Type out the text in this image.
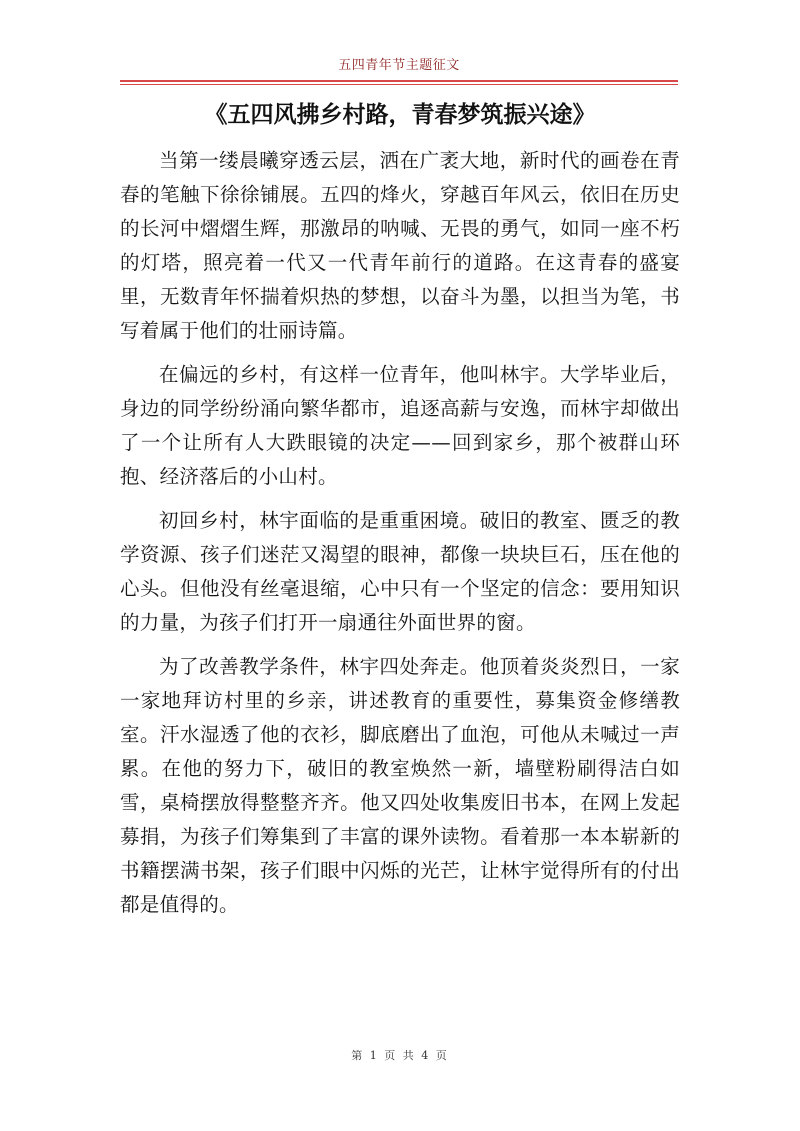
五四青年节主题征文
《五四风拂乡村路，青春梦筑振兴途》

当第一缕晨曦穿透云层，洒在广袤大地，新时代的画卷在青春的笔触下徐徐铺展。五四的烽火，穿越百年风云，依旧在历史的长河中熠熠生辉，那激昂的呐喊、无畏的勇气，如同一座不朽的灯塔，照亮着一代又一代青年前行的道路。在这青春的盛宴里，无数青年怀揣着炽热的梦想，以奋斗为墨，以担当为笔，书写着属于他们的壮丽诗篇。

在偏远的乡村，有这样一位青年，他叫林宇。大学毕业后，身边的同学纷纷涌向繁华都市，追逐高薪与安逸，而林宇却做出了一个让所有人大跌眼镜的决定——回到家乡，那个被群山环抱、经济落后的小山村。

初回乡村，林宇面临的是重重困境。破旧的教室、匮乏的教学资源、孩子们迷茫又渴望的眼神，都像一块块巨石，压在他的心头。但他没有丝毫退缩，心中只有一个坚定的信念：要用知识的力量，为孩子们打开一扇通往外面世界的窗。

为了改善教学条件，林宇四处奔走。他顶着炎炎烈日，一家一家地拜访村里的乡亲，讲述教育的重要性，募集资金修缮教室。汗水湿透了他的衣衫，脚底磨出了血泡，可他从未喊过一声累。在他的努力下，破旧的教室焕然一新，墙壁粉刷得洁白如雪，桌椅摆放得整整齐齐。他又四处收集废旧书本，在网上发起募捐，为孩子们筹集到了丰富的课外读物。看着那一本本崭新的书籍摆满书架，孩子们眼中闪烁的光芒，让林宇觉得所有的付出都是值得的。

第 1 页 共 4 页
